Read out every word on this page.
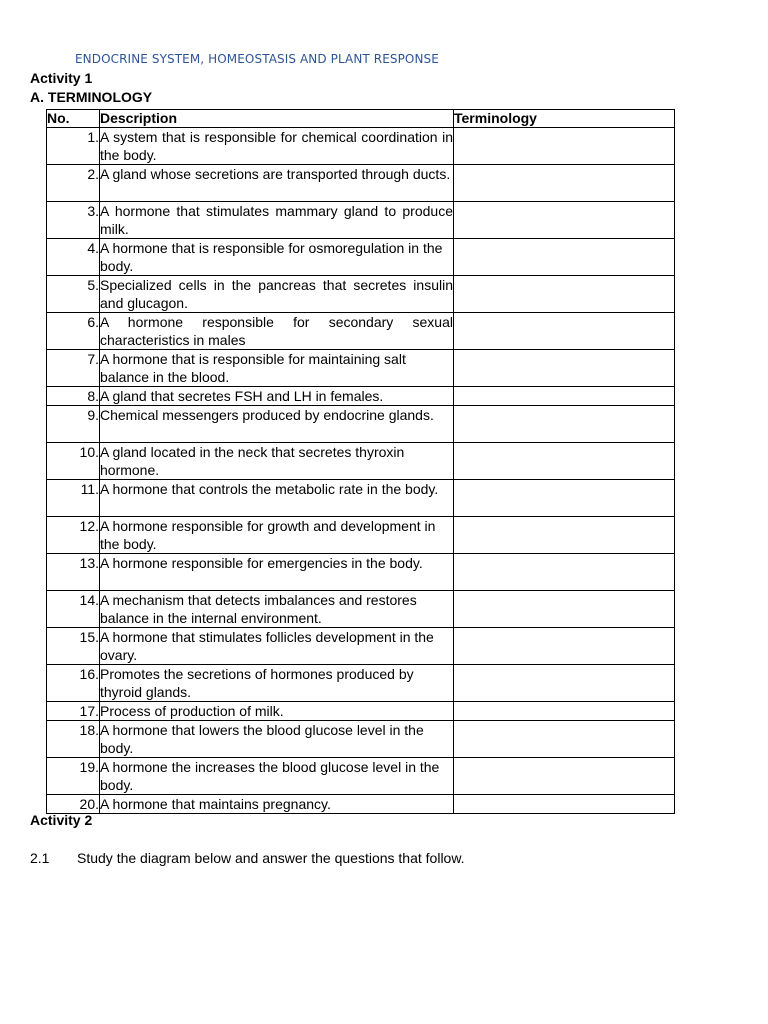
ENDOCRINE SYSTEM, HOMEOSTASIS AND PLANT RESPONSE
Activity 1
A. TERMINOLOGY
No.	Description	Terminology
1.	A system that is responsible for chemical coordination in the body.	
2.	A gland whose secretions are transported through ducts.	
3.	A hormone that stimulates mammary gland to produce milk.	
4.	A hormone that is responsible for osmoregulation in the body.	
5.	Specialized cells in the pancreas that secretes insulin and glucagon.	
6.	A hormone responsible for secondary sexual characteristics in males	
7.	A hormone that is responsible for maintaining salt balance in the blood.	
8.	A gland that secretes FSH and LH in females.	
9.	Chemical messengers produced by endocrine glands.	
10.	A gland located in the neck that secretes thyroxin hormone.	
11.	A hormone that controls the metabolic rate in the body.	
12.	A hormone responsible for growth and development in the body.	
13.	A hormone responsible for emergencies in the body.	
14.	A mechanism that detects imbalances and restores balance in the internal environment.	
15.	A hormone that stimulates follicles development in the ovary.	
16.	Promotes the secretions of hormones produced by thyroid glands.	
17.	Process of production of milk.	
18.	A hormone that lowers the blood glucose level in the body.	
19.	A hormone the increases the blood glucose level in the body.	
20.	A hormone that maintains pregnancy.	
Activity 2
2.1 Study the diagram below and answer the questions that follow.
